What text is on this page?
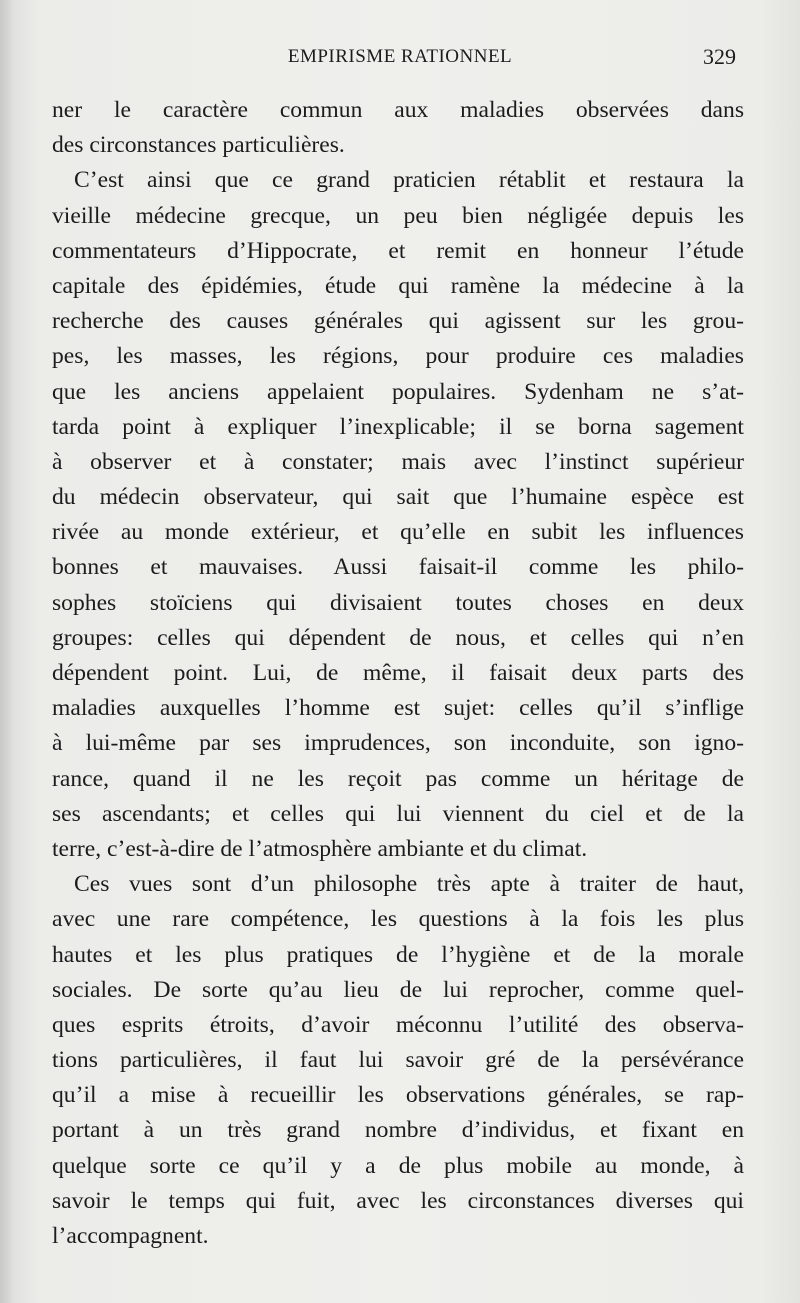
EMPIRISME RATIONNEL	329

ner le caractère commun aux maladies observées dans
des circonstances particulières.

C’est ainsi que ce grand praticien rétablit et restaura la
vieille médecine grecque, un peu bien négligée depuis les
commentateurs d’Hippocrate, et remit en honneur l’étude
capitale des épidémies, étude qui ramène la médecine à la
recherche des causes générales qui agissent sur les grou-
pes, les masses, les régions, pour produire ces maladies
que les anciens appelaient populaires. Sydenham ne s’at-
tarda point à expliquer l’inexplicable; il se borna sagement
à observer et à constater; mais avec l’instinct supérieur
du médecin observateur, qui sait que l’humaine espèce est
rivée au monde extérieur, et qu’elle en subit les influences
bonnes et mauvaises. Aussi faisait-il comme les philo-
sophes stoïciens qui divisaient toutes choses en deux
groupes: celles qui dépendent de nous, et celles qui n’en
dépendent point. Lui, de même, il faisait deux parts des
maladies auxquelles l’homme est sujet: celles qu’il s’inflige
à lui-même par ses imprudences, son inconduite, son igno-
rance, quand il ne les reçoit pas comme un héritage de
ses ascendants; et celles qui lui viennent du ciel et de la
terre, c’est-à-dire de l’atmosphère ambiante et du climat.

Ces vues sont d’un philosophe très apte à traiter de haut,
avec une rare compétence, les questions à la fois les plus
hautes et les plus pratiques de l’hygiène et de la morale
sociales. De sorte qu’au lieu de lui reprocher, comme quel-
ques esprits étroits, d’avoir méconnu l’utilité des observa-
tions particulières, il faut lui savoir gré de la persévérance
qu’il a mise à recueillir les observations générales, se rap-
portant à un très grand nombre d’individus, et fixant en
quelque sorte ce qu’il y a de plus mobile au monde, à
savoir le temps qui fuit, avec les circonstances diverses qui
l’accompagnent.
